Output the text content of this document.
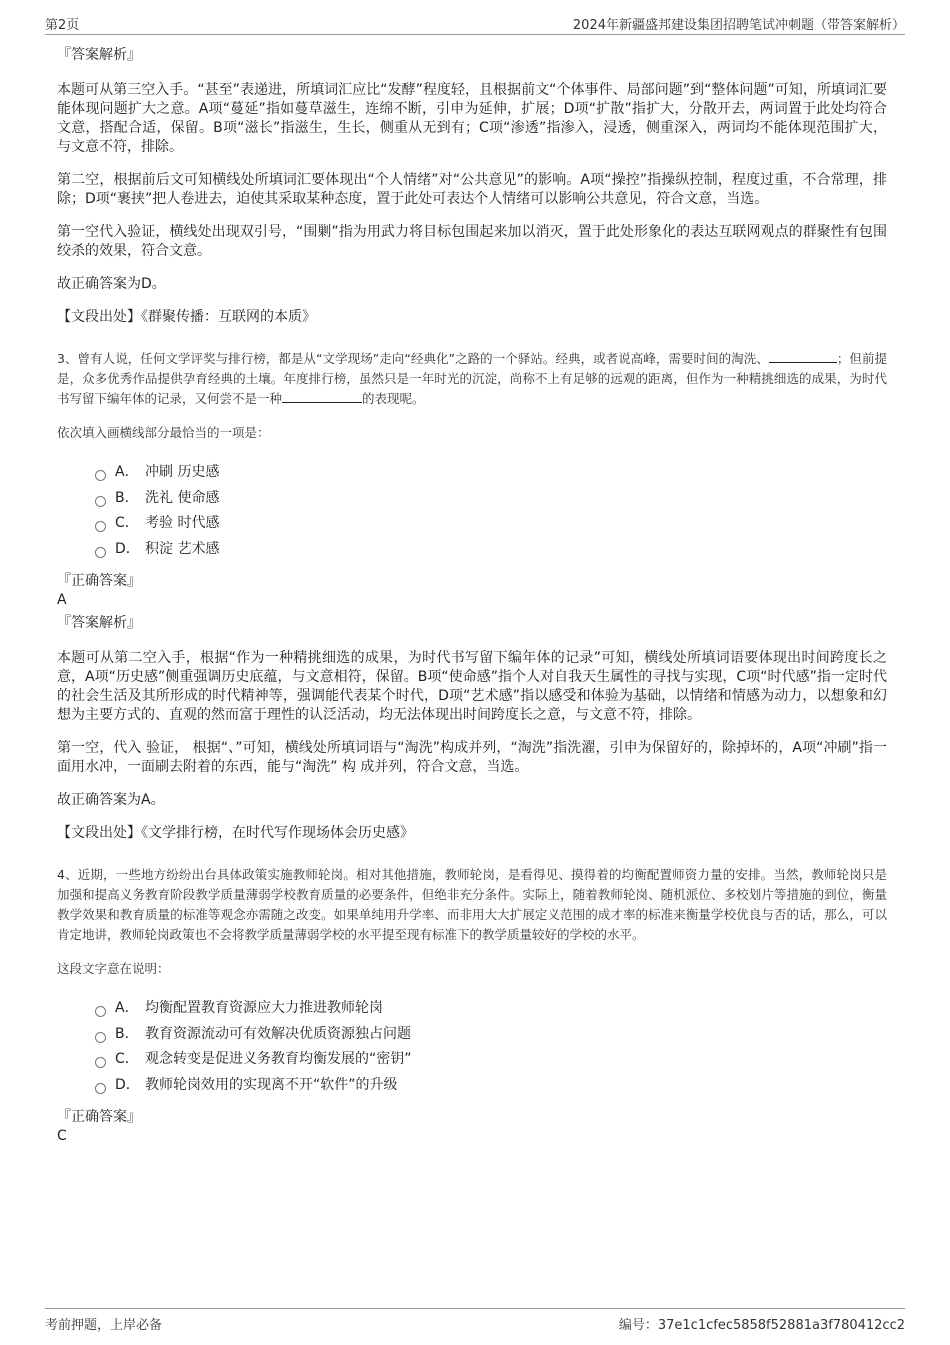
第2页	2024年新疆盛邦建设集团招聘笔试冲刺题（带答案解析）

『答案解析』

本题可从第三空入手。“甚至”表递进，所填词汇应比“发酵”程度轻，且根据前文“个体事件、局部问题”到“整体问题”可知，所填词汇要能体现问题扩大之意。A项“蔓延”指如蔓草滋生，连绵不断，引申为延伸，扩展；D项“扩散”指扩大，分散开去，两词置于此处均符合文意，搭配合适，保留。B项“滋长”指滋生，生长，侧重从无到有；C项“渗透”指渗入，浸透，侧重深入，两词均不能体现范围扩大，与文意不符，排除。

第二空，根据前后文可知横线处所填词汇要体现出“个人情绪”对“公共意见”的影响。A项“操控”指操纵控制，程度过重，不合常理，排除；D项“裹挟”把人卷进去，迫使其采取某种态度，置于此处可表达个人情绪可以影响公共意见，符合文意，当选。

第一空代入验证，横线处出现双引号，“围剿”指为用武力将目标包围起来加以消灭，置于此处形象化的表达互联网观点的群聚性有包围绞杀的效果，符合文意。

故正确答案为D。

【文段出处】《群聚传播：互联网的本质》

3、曾有人说，任何文学评奖与排行榜，都是从“文学现场”走向“经典化”之路的一个驿站。经典，或者说高峰，需要时间的淘洗、	；但前提是，众多优秀作品提供孕育经典的土壤。年度排行榜，虽然只是一年时光的沉淀，尚称不上有足够的远观的距离，但作为一种精挑细选的成果，为时代书写留下编年体的记录，又何尝不是一种	的表现呢。

依次填入画横线部分最恰当的一项是：

A． 冲刷 历史感
B． 洗礼 使命感
C． 考验 时代感
D． 积淀 艺术感

『正确答案』

A

『答案解析』

本题可从第二空入手，根据“作为一种精挑细选的成果，为时代书写留下编年体的记录”可知，横线处所填词语要体现出时间跨度长之意，A项“历史感”侧重强调历史底蕴，与文意相符，保留。B项“使命感”指个人对自我天生属性的寻找与实现，C项“时代感”指一定时代的社会生活及其所形成的时代精神等，强调能代表某个时代，D项“艺术感”指以感受和体验为基础，以情绪和情感为动力，以想象和幻想为主要方式的、直观的然而富于理性的认泛活动，均无法体现出时间跨度长之意，与文意不符，排除。

第一空，代入 验证， 根据“、”可知，横线处所填词语与“淘洗”构成并列，“淘洗”指洗濯，引申为保留好的，除掉坏的，A项“冲刷”指一面用水冲，一面刷去附着的东西，能与“淘洗” 构 成并列，符合文意，当选。

故正确答案为A。

【文段出处】《文学排行榜，在时代写作现场体会历史感》

4、近期，一些地方纷纷出台具体政策实施教师轮岗。相对其他措施，教师轮岗，是看得见、摸得着的均衡配置师资力量的安排。当然，教师轮岗只是加强和提高义务教育阶段教学质量薄弱学校教育质量的必要条件，但绝非充分条件。实际上，随着教师轮岗、随机派位、多校划片等措施的到位，衡量教学效果和教育质量的标准等观念亦需随之改变。如果单纯用升学率、而非用大大扩展定义范围的成才率的标准来衡量学校优良与否的话，那么，可以肯定地讲，教师轮岗政策也不会将教学质量薄弱学校的水平提至现有标准下的教学质量较好的学校的水平。

这段文字意在说明：

A． 均衡配置教育资源应大力推进教师轮岗
B． 教育资源流动可有效解决优质资源独占问题
C． 观念转变是促进义务教育均衡发展的“密钥”
D． 教师轮岗效用的实现离不开“软件”的升级

『正确答案』

C

考前押题，上岸必备	编号：37e1c1cfec5858f52881a3f780412cc2
